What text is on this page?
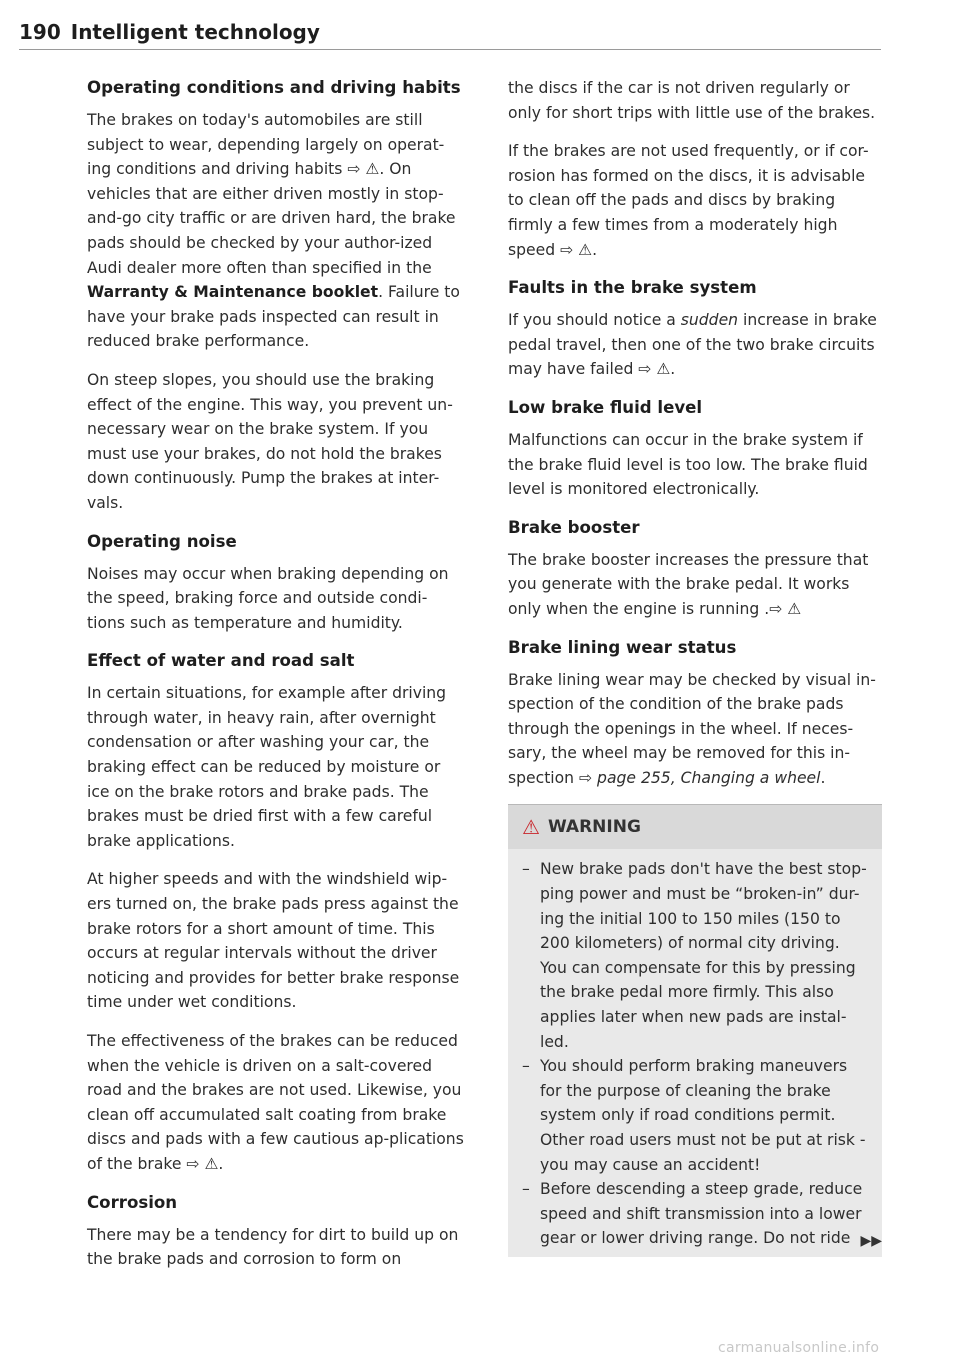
190 Intelligent technology
Operating conditions and driving habits

The brakes on today's automobiles are still subject to wear, depending largely on operat-ing conditions and driving habits ⇨ ⚠. On vehicles that are either driven mostly in stop-and-go city traffic or are driven hard, the brake pads should be checked by your author-ized Audi dealer more often than specified in the Warranty & Maintenance booklet. Failure to have your brake pads inspected can result in reduced brake performance.

On steep slopes, you should use the braking effect of the engine. This way, you prevent un-necessary wear on the brake system. If you must use your brakes, do not hold the brakes down continuously. Pump the brakes at inter-vals.

Operating noise

Noises may occur when braking depending on the speed, braking force and outside condi-tions such as temperature and humidity.

Effect of water and road salt

In certain situations, for example after driving through water, in heavy rain, after overnight condensation or after washing your car, the braking effect can be reduced by moisture or ice on the brake rotors and brake pads. The brakes must be dried first with a few careful brake applications.

At higher speeds and with the windshield wip-ers turned on, the brake pads press against the brake rotors for a short amount of time. This occurs at regular intervals without the driver noticing and provides for better brake response time under wet conditions.

The effectiveness of the brakes can be reduced when the vehicle is driven on a salt-covered road and the brakes are not used. Likewise, you clean off accumulated salt coating from brake discs and pads with a few cautious ap-plications of the brake ⇨ ⚠.

Corrosion

There may be a tendency for dirt to build up on the brake pads and corrosion to form on

the discs if the car is not driven regularly or only for short trips with little use of the brakes.

If the brakes are not used frequently, or if cor-rosion has formed on the discs, it is advisable to clean off the pads and discs by braking firmly a few times from a moderately high speed ⇨ ⚠.

Faults in the brake system

If you should notice a sudden increase in brake pedal travel, then one of the two brake circuits may have failed ⇨ ⚠.

Low brake fluid level

Malfunctions can occur in the brake system if the brake fluid level is too low. The brake fluid level is monitored electronically.

Brake booster

The brake booster increases the pressure that you generate with the brake pedal. It works only when the engine is running .⇨ ⚠

Brake lining wear status

Brake lining wear may be checked by visual in-spection of the condition of the brake pads through the openings in the wheel. If neces-sary, the wheel may be removed for this in-spection ⇨ page 255, Changing a wheel.

⚠ WARNING
– New brake pads don't have the best stop-ping power and must be “broken-in” dur-ing the initial 100 to 150 miles (150 to 200 kilometers) of normal city driving. You can compensate for this by pressing the brake pedal more firmly. This also applies later when new pads are instal-led.
– You should perform braking maneuvers for the purpose of cleaning the brake system only if road conditions permit. Other road users must not be put at risk - you may cause an accident!
– Before descending a steep grade, reduce speed and shift transmission into a lower gear or lower driving range. Do not ride ▶▶
carmanualsonline.info
